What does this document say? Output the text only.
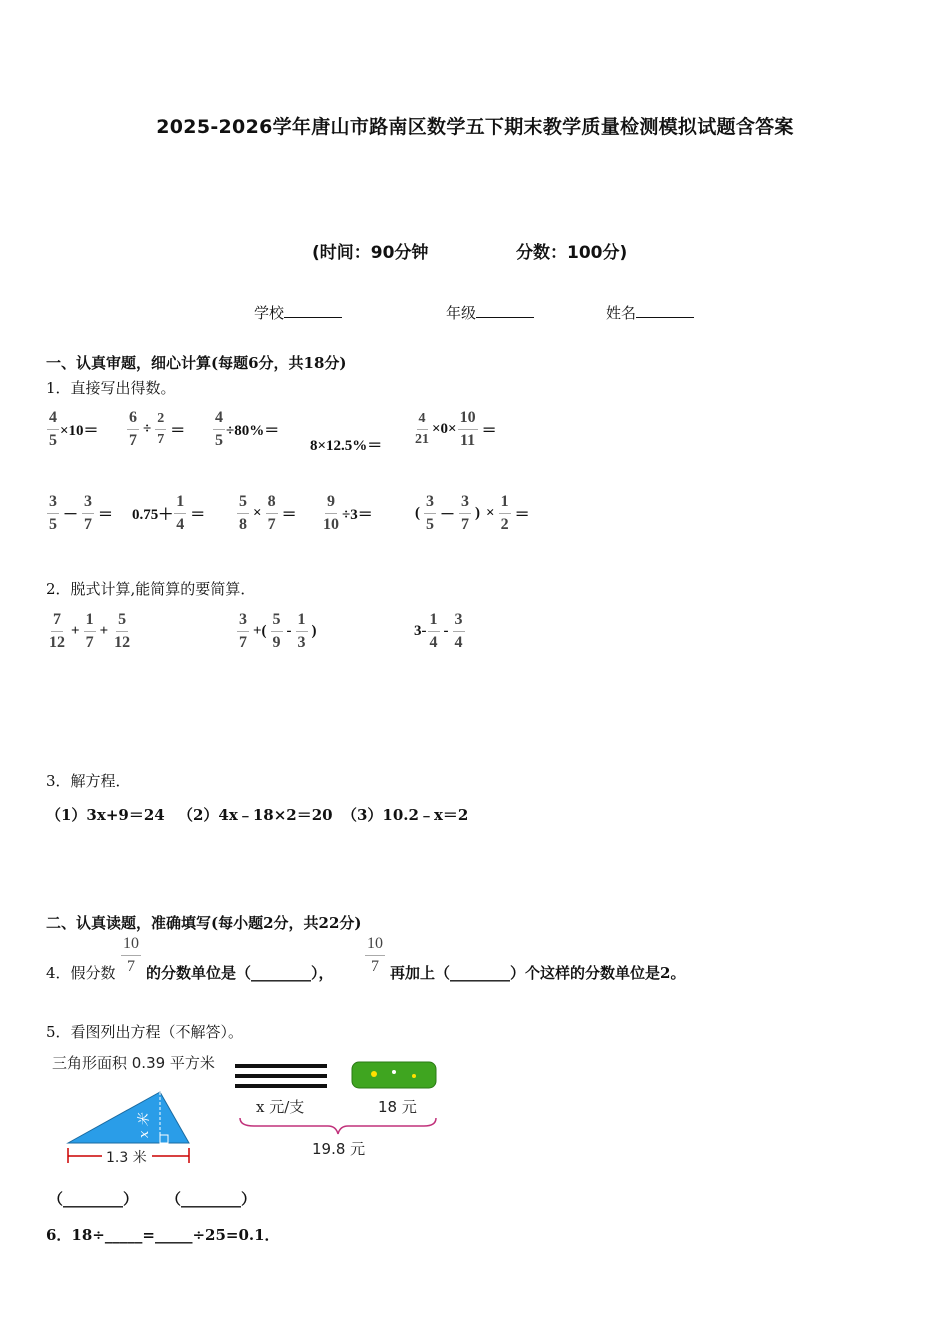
2025-2026学年唐山市路南区数学五下期末教学质量检测模拟试题含答案
(时间：90分钟	分数：100分)
学校	年级	姓名
一、认真审题，细心计算(每题6分，共18分)
1．直接写出得数。
$\frac{4}{5} \times 10= \frac{6}{7} \div \frac{2}{7} = \frac{4}{5} \div 80\%=$
$8\times 12.5\%= \frac{4}{21} \times 0\times \frac{10}{11}$ ＝
$\frac{3}{5} - \frac{3}{7} = 0.75+ \frac{1}{4} = \frac{5}{8} \times \frac{8}{7} = \frac{9}{10} \div 3=$	( $\frac{3}{5} - \frac{3}{7}$ ) × $\frac{1}{2}$ ＝
2．脱式计算,能简算的要简算．
$\frac{7}{12} + \frac{1}{7} + \frac{5}{12}$	$\frac{3}{7}$ +( $\frac{5}{9} - \frac{1}{3}$ )	$3- \frac{1}{4} - \frac{3}{4}$
3．解方程．
（1）3x+9＝24 （2）4x﹣18×2＝20 （3）10.2﹣x＝2
二、认真读题，准确填写(每小题2分，共22分)
4．假分数 $\frac{10}{7}$ 的分数单位是（________）， $\frac{10}{7}$ 再加上（________）个这样的分数单位是2。
5．看图列出方程（不解答）。
三角形面积 0.39 平方米
x 米
1.3 米
x 元/支	18 元
19.8 元
（________） （________）
6．18÷_____=_____÷25=0.1．
